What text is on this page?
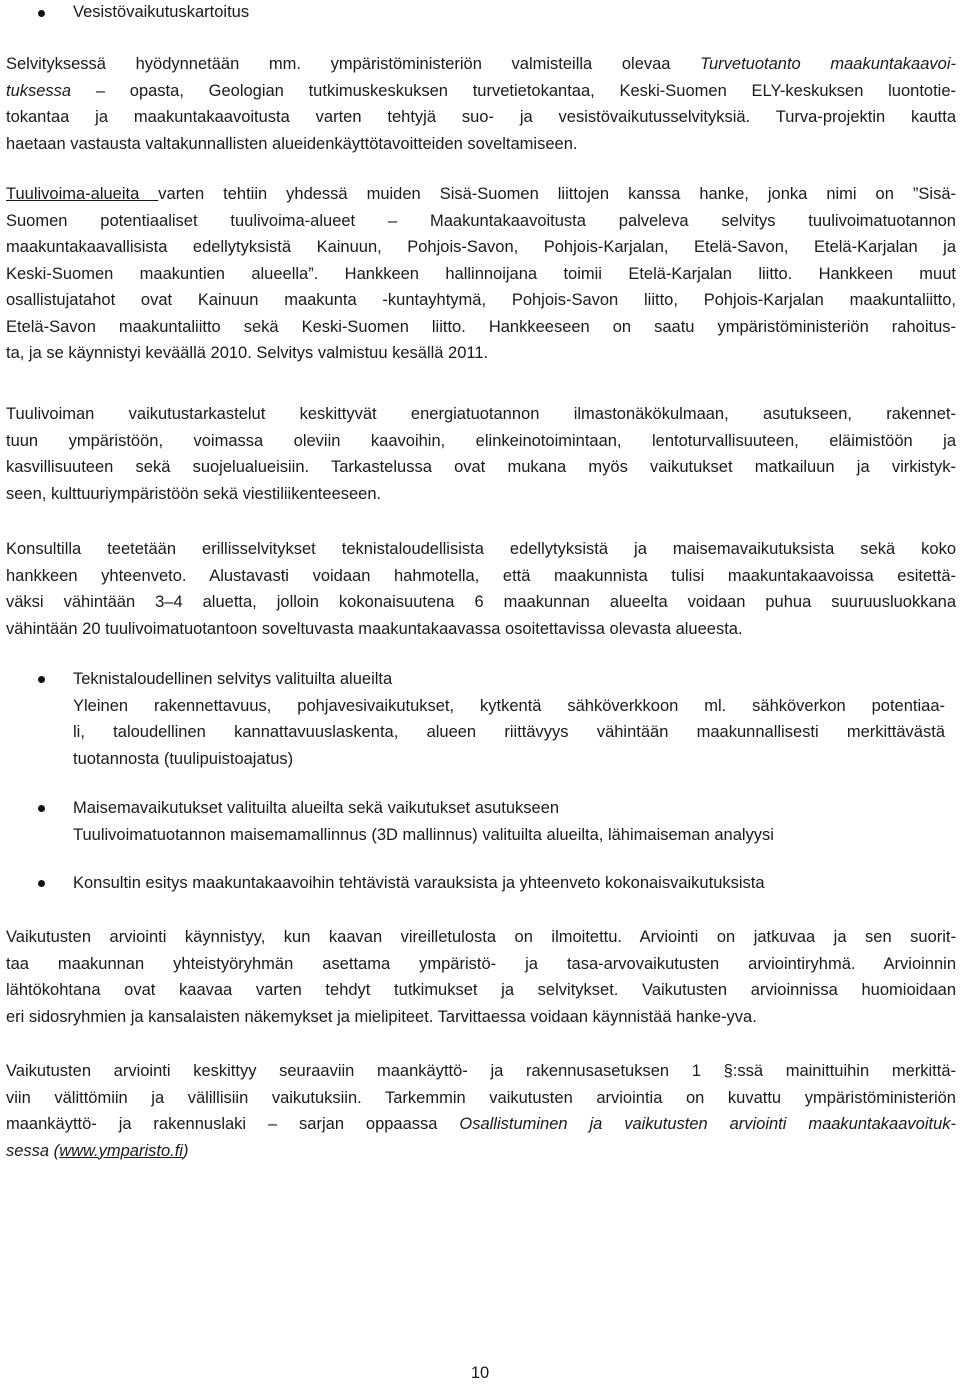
Vesistövaikutuskartoitus
Selvityksessä hyödynnetään mm. ympäristöministeriön valmisteilla olevaa Turvetuotanto maakuntakaavoi-
tuksessa – opasta, Geologian tutkimuskeskuksen turvetietokantaa, Keski-Suomen ELY-keskuksen luontotie-
tokantaa ja maakuntakaavoitusta varten tehtyjä suo- ja vesistövaikutusselvityksiä. Turva-projektin kautta
haetaan vastausta valtakunnallisten alueidenkäyttötavoitteiden soveltamiseen.
Tuulivoima-alueita varten tehtiin yhdessä muiden Sisä-Suomen liittojen kanssa hanke, jonka nimi on ”Sisä-
Suomen potentiaaliset tuulivoima-alueet – Maakuntakaavoitusta palveleva selvitys tuulivoimatuotannon
maakuntakaavallisista edellytyksistä Kainuun, Pohjois-Savon, Pohjois-Karjalan, Etelä-Savon, Etelä-Karjalan ja
Keski-Suomen maakuntien alueella”. Hankkeen hallinnoijana toimii Etelä-Karjalan liitto. Hankkeen muut
osallistujatahot ovat Kainuun maakunta -kuntayhtymä, Pohjois-Savon liitto, Pohjois-Karjalan maakuntaliitto,
Etelä-Savon maakuntaliitto sekä Keski-Suomen liitto. Hankkeeseen on saatu ympäristöministeriön rahoitus-
ta, ja se käynnistyi keväällä 2010. Selvitys valmistuu kesällä 2011.
Tuulivoiman vaikutustarkastelut keskittyvät energiatuotannon ilmastonäkökulmaan, asutukseen, rakennet-
tuun ympäristöön, voimassa oleviin kaavoihin, elinkeinotoimintaan, lentoturvallisuuteen, eläimistöön ja
kasvillisuuteen sekä suojelualueisiin. Tarkastelussa ovat mukana myös vaikutukset matkailuun ja virkistyk-
seen, kulttuuriympäristöön sekä viestiliikenteeseen.
Konsultilla teetetään erillisselvitykset teknistaloudellisista edellytyksistä ja maisemavaikutuksista sekä koko
hankkeen yhteenveto. Alustavasti voidaan hahmotella, että maakunnista tulisi maakuntakaavoissa esitettä-
väksi vähintään 3–4 aluetta, jolloin kokonaisuutena 6 maakunnan alueelta voidaan puhua suuruusluokkana
vähintään 20 tuulivoimatuotantoon soveltuvasta maakuntakaavassa osoitettavissa olevasta alueesta.
Teknistaloudellinen selvitys valituilta alueilta
Yleinen rakennettavuus, pohjavesivaikutukset, kytkentä sähköverkkoon ml. sähköverkon potentiaa-
li, taloudellinen kannattavuuslaskenta, alueen riittävyys vähintään maakunnallisesti merkittävästä
tuotannosta (tuulipuistoajatus)
Maisemavaikutukset valituilta alueilta sekä vaikutukset asutukseen
Tuulivoimatuotannon maisemamallinnus (3D mallinnus) valituilta alueilta, lähimaiseman analyysi
Konsultin esitys maakuntakaavoihin tehtävistä varauksista ja yhteenveto kokonaisvaikutuksista
Vaikutusten arviointi käynnistyy, kun kaavan vireilletulosta on ilmoitettu. Arviointi on jatkuvaa ja sen suorit-
taa maakunnan yhteistyöryhmän asettama ympäristö- ja tasa-arvovaikutusten arviointiryhmä. Arvioinnin
lähtökohtana ovat kaavaa varten tehdyt tutkimukset ja selvitykset. Vaikutusten arvioinnissa huomioidaan
eri sidosryhmien ja kansalaisten näkemykset ja mielipiteet. Tarvittaessa voidaan käynnistää hanke-yva.
Vaikutusten arviointi keskittyy seuraaviin maankäyttö- ja rakennusasetuksen 1 §:ssä mainittuihin merkittä-
viin välittömiin ja välillisiin vaikutuksiin. Tarkemmin vaikutusten arviointia on kuvattu ympäristöministeriön
maankäyttö- ja rakennuslaki – sarjan oppaassa Osallistuminen ja vaikutusten arviointi maakuntakaavoituk-
sessa (www.ymparisto.fi)
10
